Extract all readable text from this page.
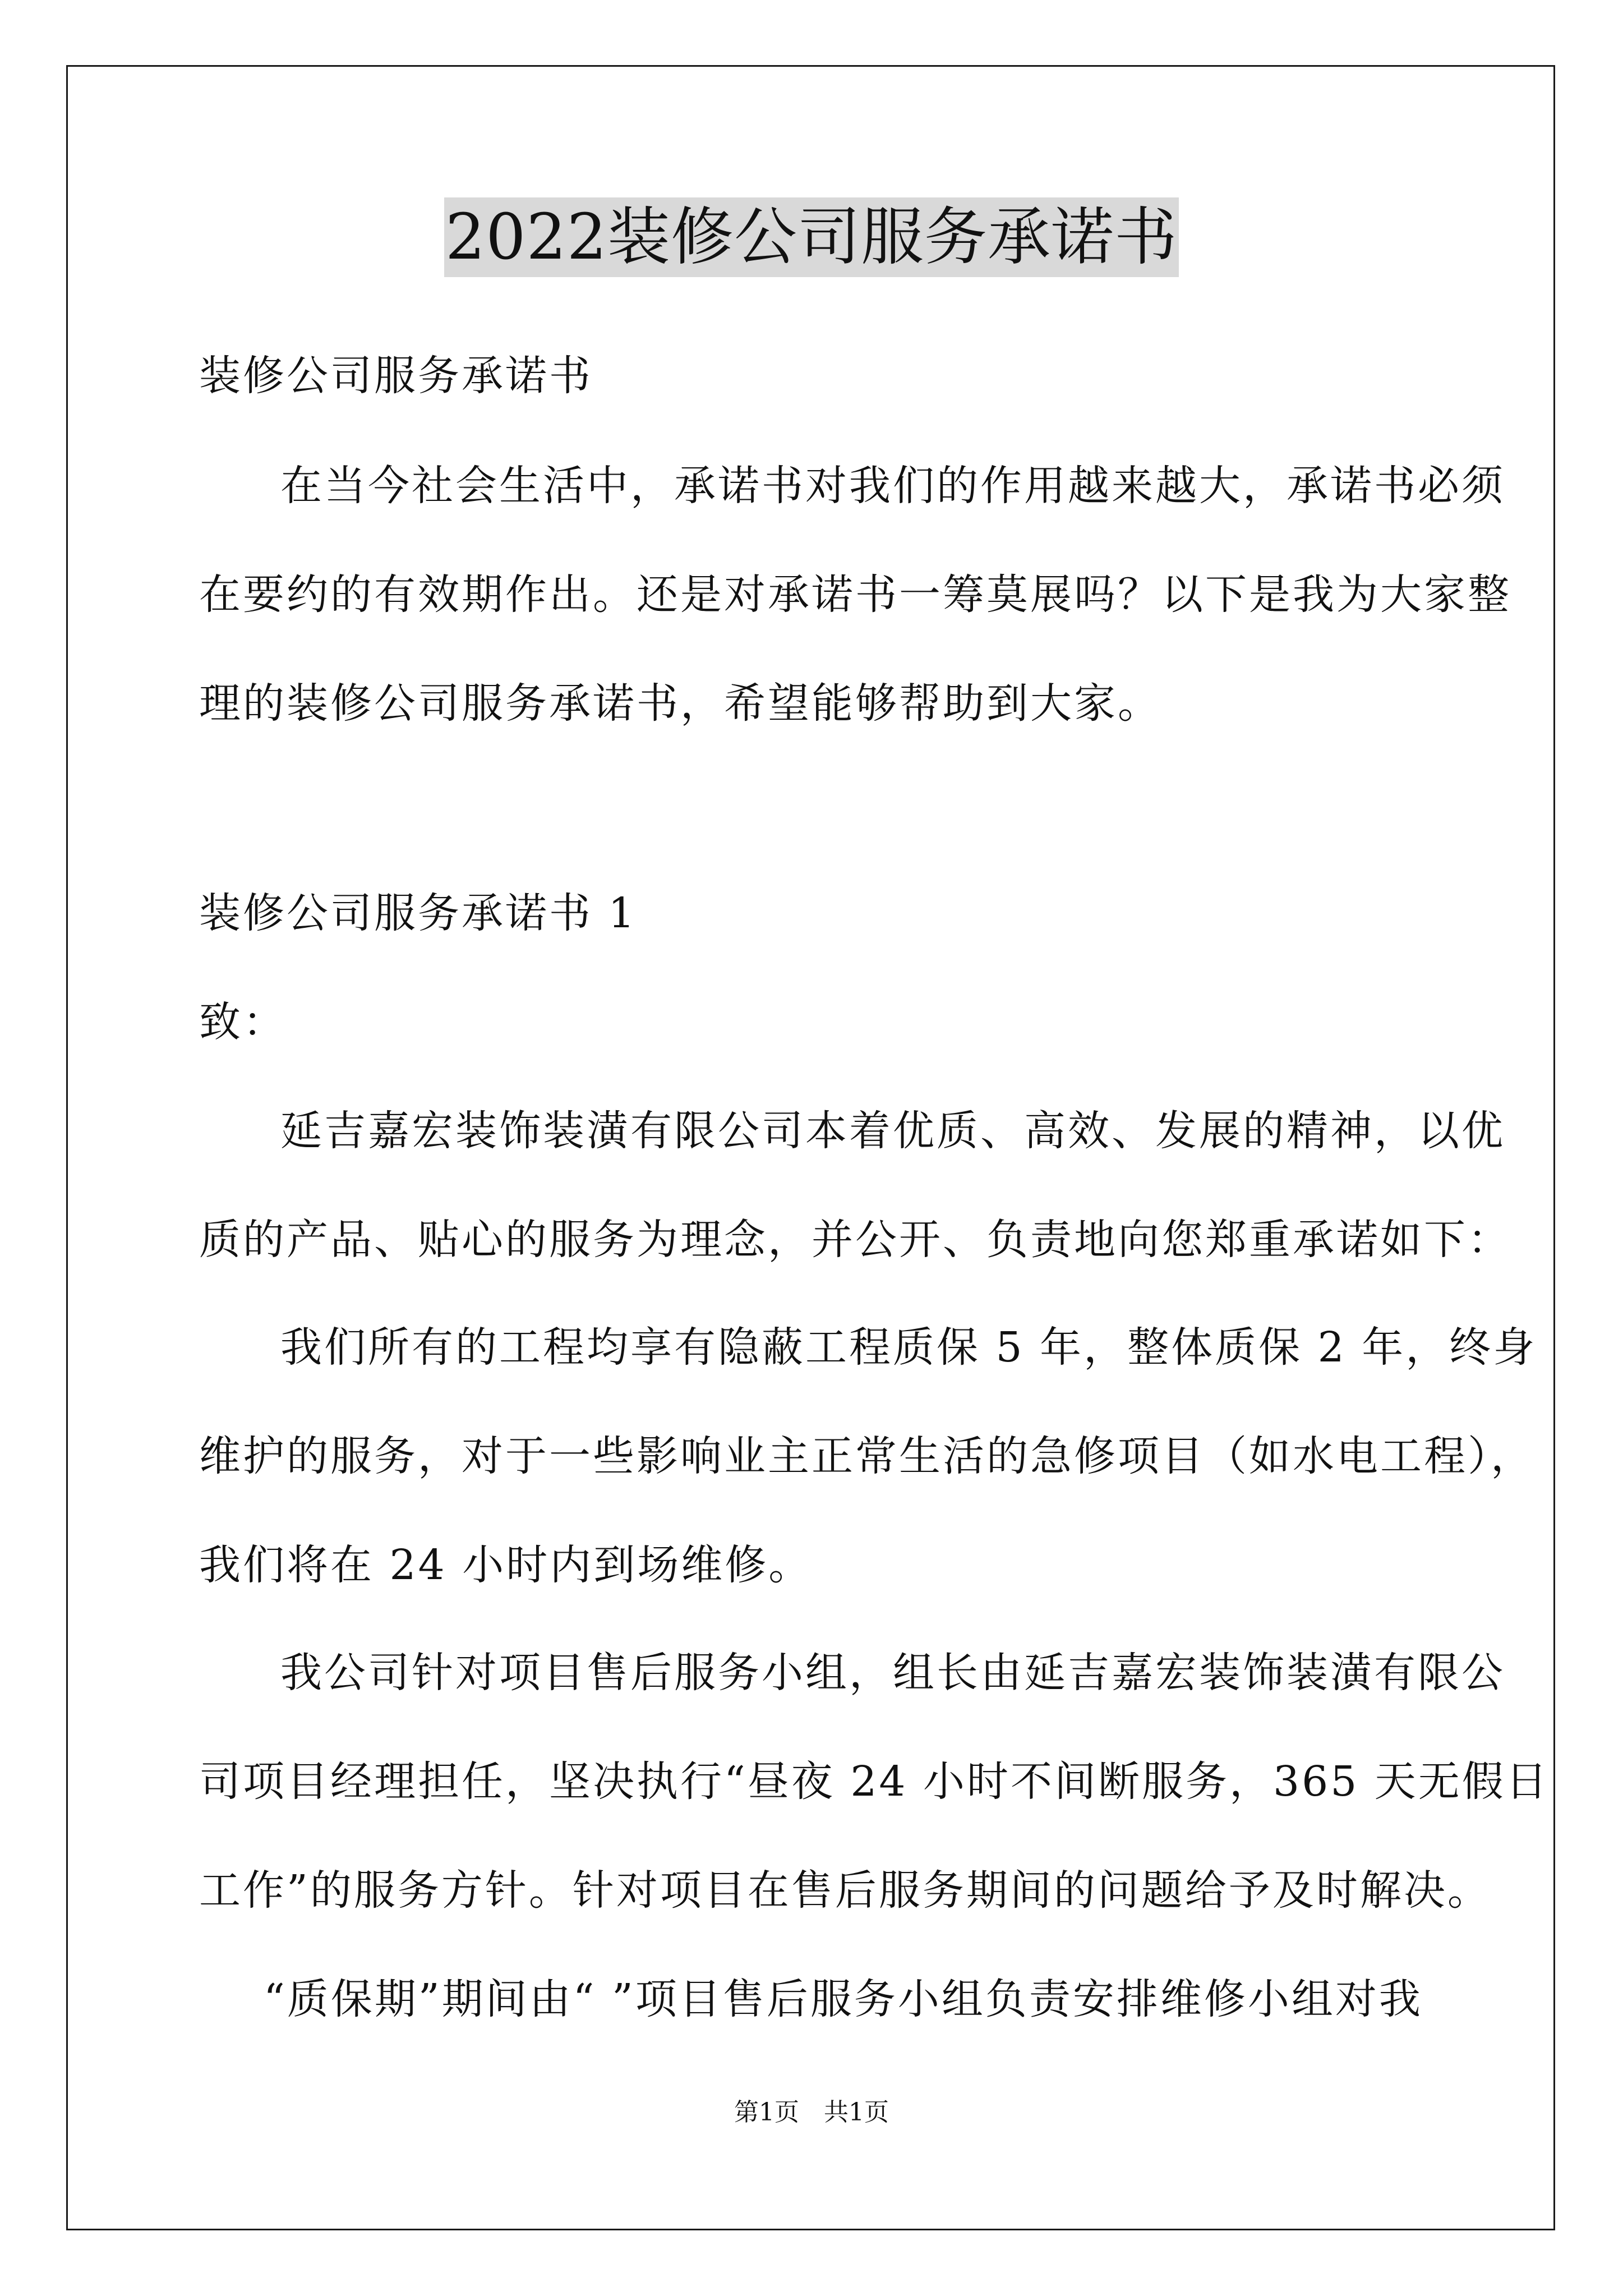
2022装修公司服务承诺书
装修公司服务承诺书
在当今社会生活中，承诺书对我们的作用越来越大，承诺书必须
在要约的有效期作出。还是对承诺书一筹莫展吗？以下是我为大家整
理的装修公司服务承诺书，希望能够帮助到大家。
装修公司服务承诺书 1
致：
延吉嘉宏装饰装潢有限公司本着优质、高效、发展的精神，以优
质的产品、贴心的服务为理念，并公开、负责地向您郑重承诺如下：
我们所有的工程均享有隐蔽工程质保 5 年，整体质保 2 年，终身
维护的服务，对于一些影响业主正常生活的急修项目（如水电工程），
我们将在 24 小时内到场维修。
我公司针对项目售后服务小组，组长由延吉嘉宏装饰装潢有限公
司项目经理担任，坚决执行“昼夜 24 小时不间断服务，365 天无假日
工作”的服务方针。针对项目在售后服务期间的问题给予及时解决。
“质保期”期间由“ ”项目售后服务小组负责安排维修小组对我
第1页 共1页
